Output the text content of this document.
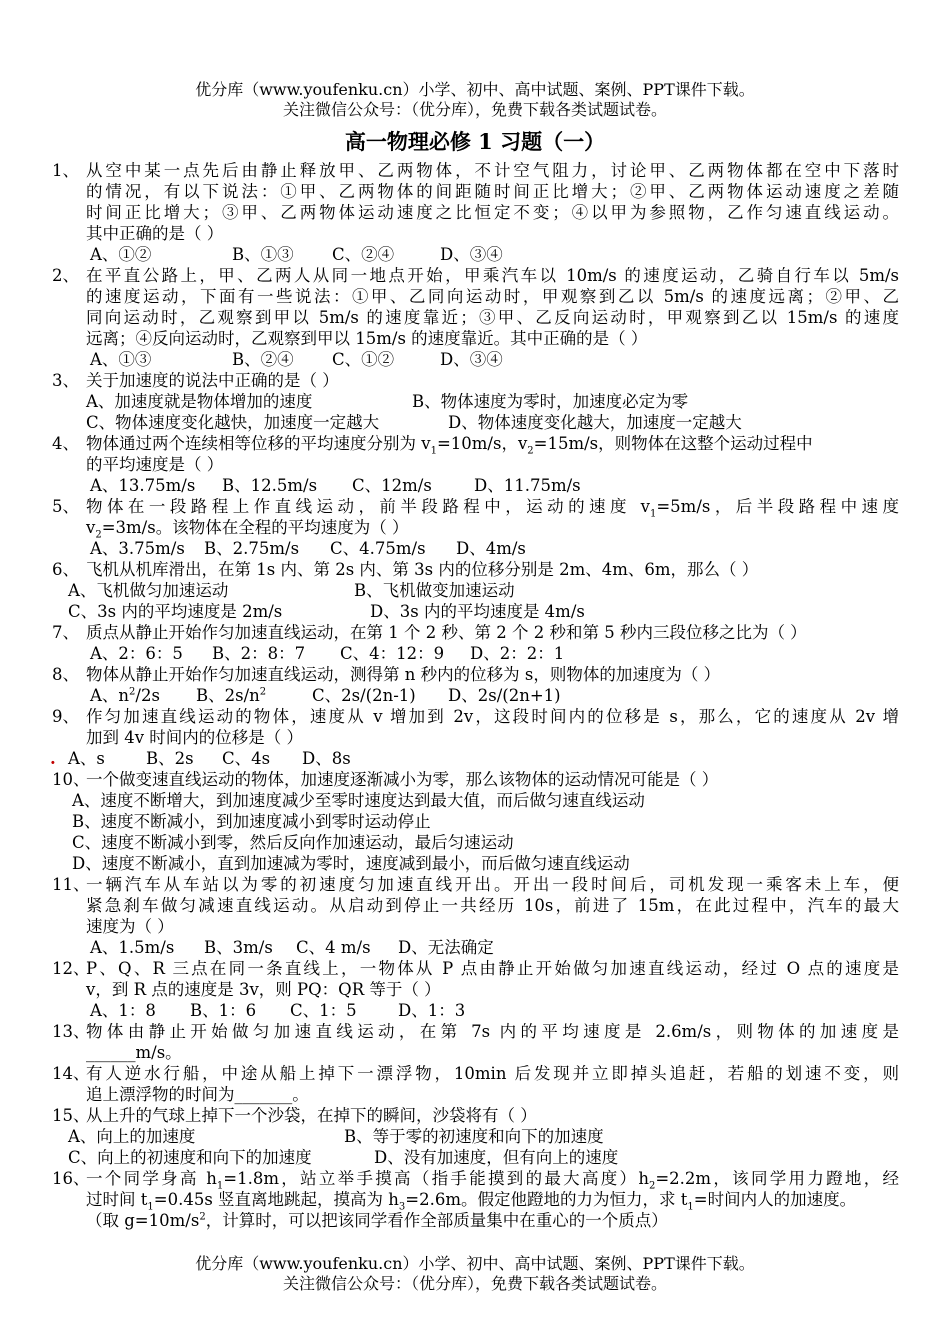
优分库（www.youfenku.cn）小学、初中、高中试题、案例、PPT课件下载。
关注微信公众号：（优分库），免费下载各类试题试卷。
高一物理必修 1 习题（一）
1、 从空中某一点先后由静止释放甲、乙两物体，不计空气阻力，讨论甲、乙两物体都在空中下落时
的情况，有以下说法：①甲、乙两物体的间距随时间正比增大；②甲、乙两物体运动速度之差随
时间正比增大；③甲、乙两物体运动速度之比恒定不变；④以甲为参照物，乙作匀速直线运动。
其中正确的是（ ）
A、①②	B、①③ C、②④	D、③④
2、 在平直公路上，甲、乙两人从同一地点开始，甲乘汽车以 10m/s 的速度运动，乙骑自行车以 5m/s
的速度运动，下面有一些说法：①甲、乙同向运动时，甲观察到乙以 5m/s 的速度远离；②甲、乙
同向运动时，乙观察到甲以 5m/s 的速度靠近；③甲、乙反向运动时，甲观察到乙以 15m/s 的速度
远离；④反向运动时，乙观察到甲以 15m/s 的速度靠近。其中正确的是（ ）
A、①③	B、②④ C、①②	D、③④
3、 关于加速度的说法中正确的是（ ）
A、加速度就是物体增加的速度	B、物体速度为零时，加速度必定为零
C、物体速度变化越快，加速度一定越大	D、物体速度变化越大，加速度一定越大
4、 物体通过两个连续相等位移的平均速度分别为 $v_1=10m/s$，$v_2=15m/s$，则物体在这整个运动过程中
的平均速度是（ ）
A、13.75m/s B、12.5m/s C、12m/s	D、11.75m/s
5、 物体在一段路程上作直线运动，前半段路程中，运动的速度 $v_1=5m/s$，后半段路程中速度
$v_2=3m/s$。该物体在全程的平均速度为（ ）
A、3.75m/s B、2.75m/s C、4.75m/s D、4m/s
6、 飞机从机库滑出，在第 1s 内、第 2s 内、第 3s 内的位移分别是 2m、4m、6m，那么（ ）
A、飞机做匀加速运动	B、飞机做变加速运动
C、3s 内的平均速度是 2m/s	D、3s 内的平均速度是 4m/s
7、 质点从静止开始作匀加速直线运动，在第 1 个 2 秒、第 2 个 2 秒和第 5 秒内三段位移之比为（ ）
A、2：6：5 B、2：8：7 C、4：12：9 D、2：2：1
8、 物体从静止开始作匀加速直线运动，测得第 n 秒内的位移为 s，则物体的加速度为（ ）
A、$n^2/2s$ B、$2s/n^2$	C、2s/(2n-1) D、2s/(2n+1)
9、 作匀加速直线运动的物体，速度从 v 增加到 2v，这段时间内的位移是 s，那么，它的速度从 2v 增
加到 4v 时间内的位移是（ ）
. A、s B、2s C、4s D、8s
10、
一个做变速直线运动的物体，加速度逐渐减小为零，那么该物体的运动情况可能是（ ）
A、速度不断增大，到加速度减少至零时速度达到最大值，而后做匀速直线运动
B、速度不断减小，到加速度减小到零时运动停止
C、速度不断减小到零，然后反向作加速运动，最后匀速运动
D、速度不断减小，直到加速减为零时，速度减到最小，而后做匀速直线运动
11、
一辆汽车从车站以为零的初速度匀加速直线开出。开出一段时间后，司机发现一乘客未上车，便
紧急刹车做匀减速直线运动。从启动到停止一共经历 10s，前进了 15m，在此过程中，汽车的最大
速度为（ ）
A、1.5m/s B、3m/s C、4 m/s D、无法确定
12、
P、Q、R 三点在同一条直线上，一物体从 P 点由静止开始做匀加速直线运动，经过 O 点的速度是
v，到 R 点的速度是 3v，则 PQ：QR 等于（ ）
A、1：8 B、1：6 C、1：5	D、1：3
13、
物体由静止开始做匀加速直线运动，在第 7s 内的平均速度是 2.6m/s，则物体的加速度是
______m/s。
14、
有人逆水行船，中途从船上掉下一漂浮物，10min 后发现并立即掉头追赶，若船的划速不变，则
追上漂浮物的时间为_______。
15、
从上升的气球上掉下一个沙袋，在掉下的瞬间，沙袋将有（ ）
A、向上的加速度	B、等于零的初速度和向下的加速度
C、向上的初速度和向下的加速度	D、没有加速度，但有向上的速度
16、
一个同学身高 $h_1=1.8m$，站立举手摸高（指手能摸到的最大高度）$h_2=2.2m$，该同学用力蹬地，经
过时间 $t_1=0.45s$ 竖直离地跳起，摸高为 $h_3=2.6m$。假定他蹬地的力为恒力，求 $t_1=$时间内人的加速度。
（取 $g=10m/s^2$，计算时，可以把该同学看作全部质量集中在重心的一个质点）
优分库（www.youfenku.cn）小学、初中、高中试题、案例、PPT课件下载。
关注微信公众号：（优分库），免费下载各类试题试卷。
